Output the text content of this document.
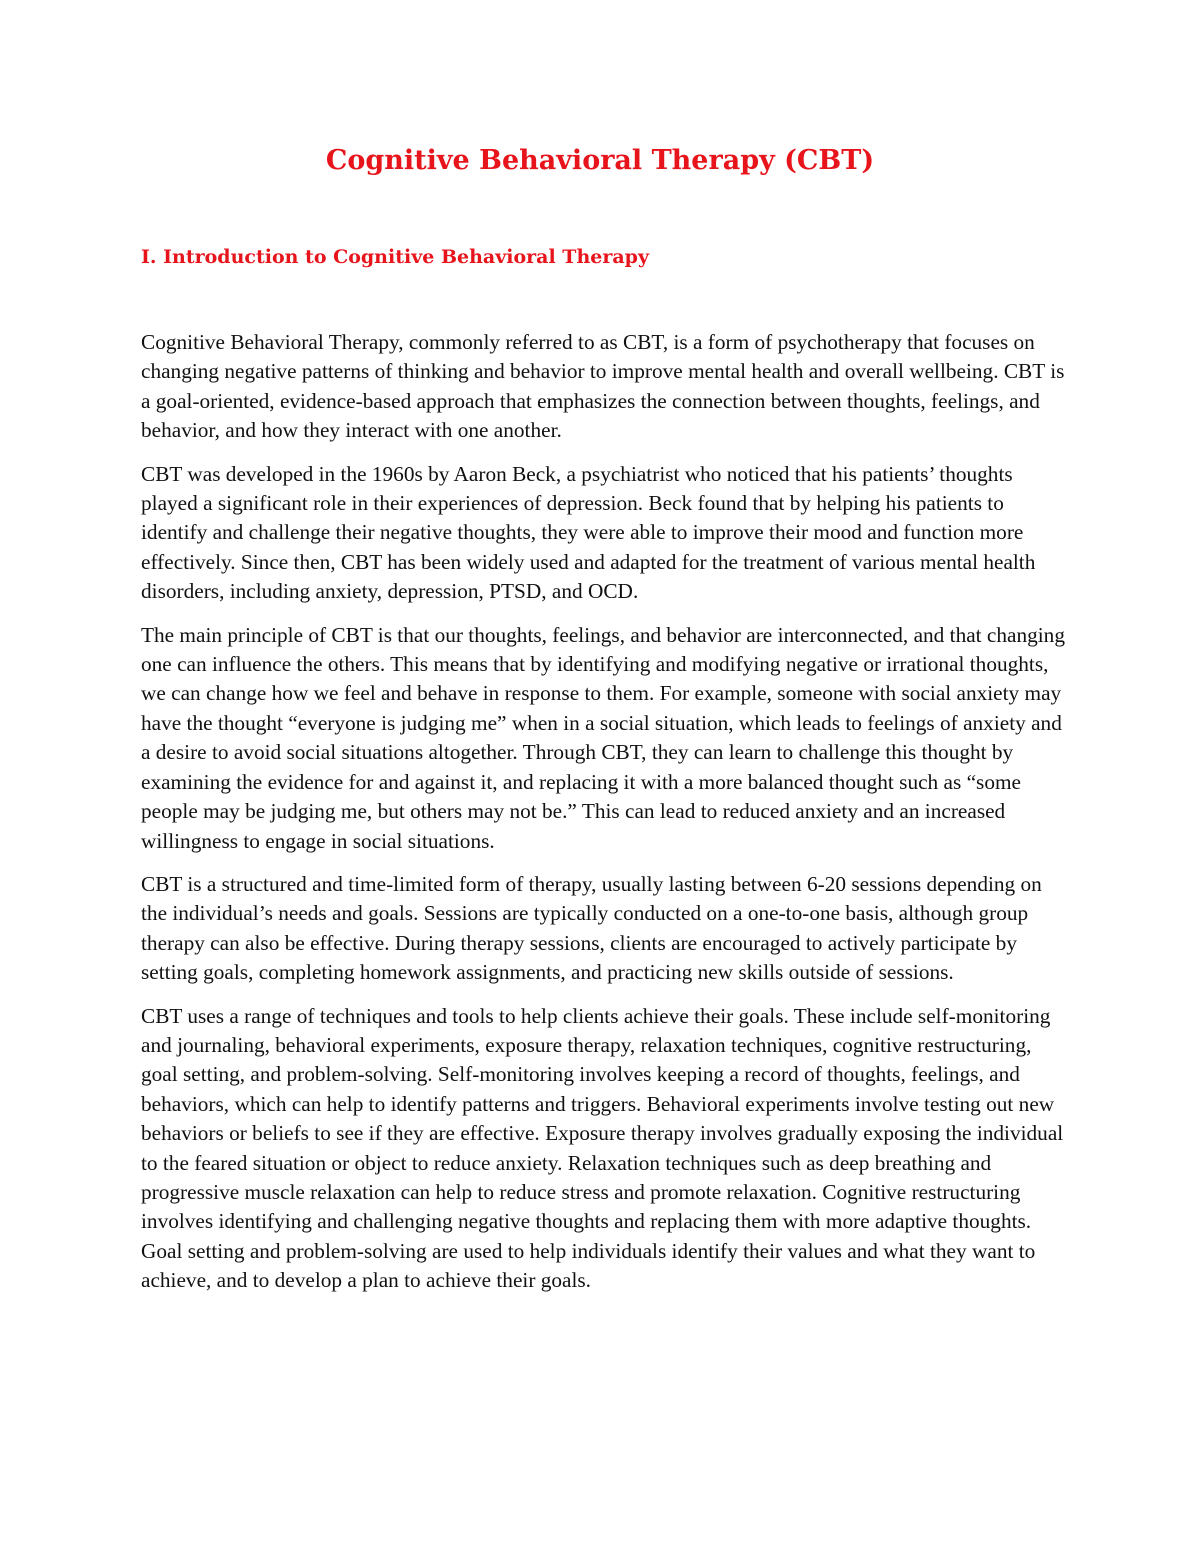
Cognitive Behavioral Therapy (CBT)
I. Introduction to Cognitive Behavioral Therapy

Cognitive Behavioral Therapy, commonly referred to as CBT, is a form of psychotherapy that focuses on changing negative patterns of thinking and behavior to improve mental health and overall wellbeing. CBT is a goal-oriented, evidence-based approach that emphasizes the connection between thoughts, feelings, and behavior, and how they interact with one another.

CBT was developed in the 1960s by Aaron Beck, a psychiatrist who noticed that his patients’ thoughts played a significant role in their experiences of depression. Beck found that by helping his patients to identify and challenge their negative thoughts, they were able to improve their mood and function more effectively. Since then, CBT has been widely used and adapted for the treatment of various mental health disorders, including anxiety, depression, PTSD, and OCD.

The main principle of CBT is that our thoughts, feelings, and behavior are interconnected, and that changing one can influence the others. This means that by identifying and modifying negative or irrational thoughts, we can change how we feel and behave in response to them. For example, someone with social anxiety may have the thought “everyone is judging me” when in a social situation, which leads to feelings of anxiety and a desire to avoid social situations altogether. Through CBT, they can learn to challenge this thought by examining the evidence for and against it, and replacing it with a more balanced thought such as “some people may be judging me, but others may not be.” This can lead to reduced anxiety and an increased willingness to engage in social situations.

CBT is a structured and time-limited form of therapy, usually lasting between 6-20 sessions depending on the individual’s needs and goals. Sessions are typically conducted on a one-to-one basis, although group therapy can also be effective. During therapy sessions, clients are encouraged to actively participate by setting goals, completing homework assignments, and practicing new skills outside of sessions.

CBT uses a range of techniques and tools to help clients achieve their goals. These include self-monitoring and journaling, behavioral experiments, exposure therapy, relaxation techniques, cognitive restructuring, goal setting, and problem-solving. Self-monitoring involves keeping a record of thoughts, feelings, and behaviors, which can help to identify patterns and triggers. Behavioral experiments involve testing out new behaviors or beliefs to see if they are effective. Exposure therapy involves gradually exposing the individual to the feared situation or object to reduce anxiety. Relaxation techniques such as deep breathing and progressive muscle relaxation can help to reduce stress and promote relaxation. Cognitive restructuring involves identifying and challenging negative thoughts and replacing them with more adaptive thoughts. Goal setting and problem-solving are used to help individuals identify their values and what they want to achieve, and to develop a plan to achieve their goals.
